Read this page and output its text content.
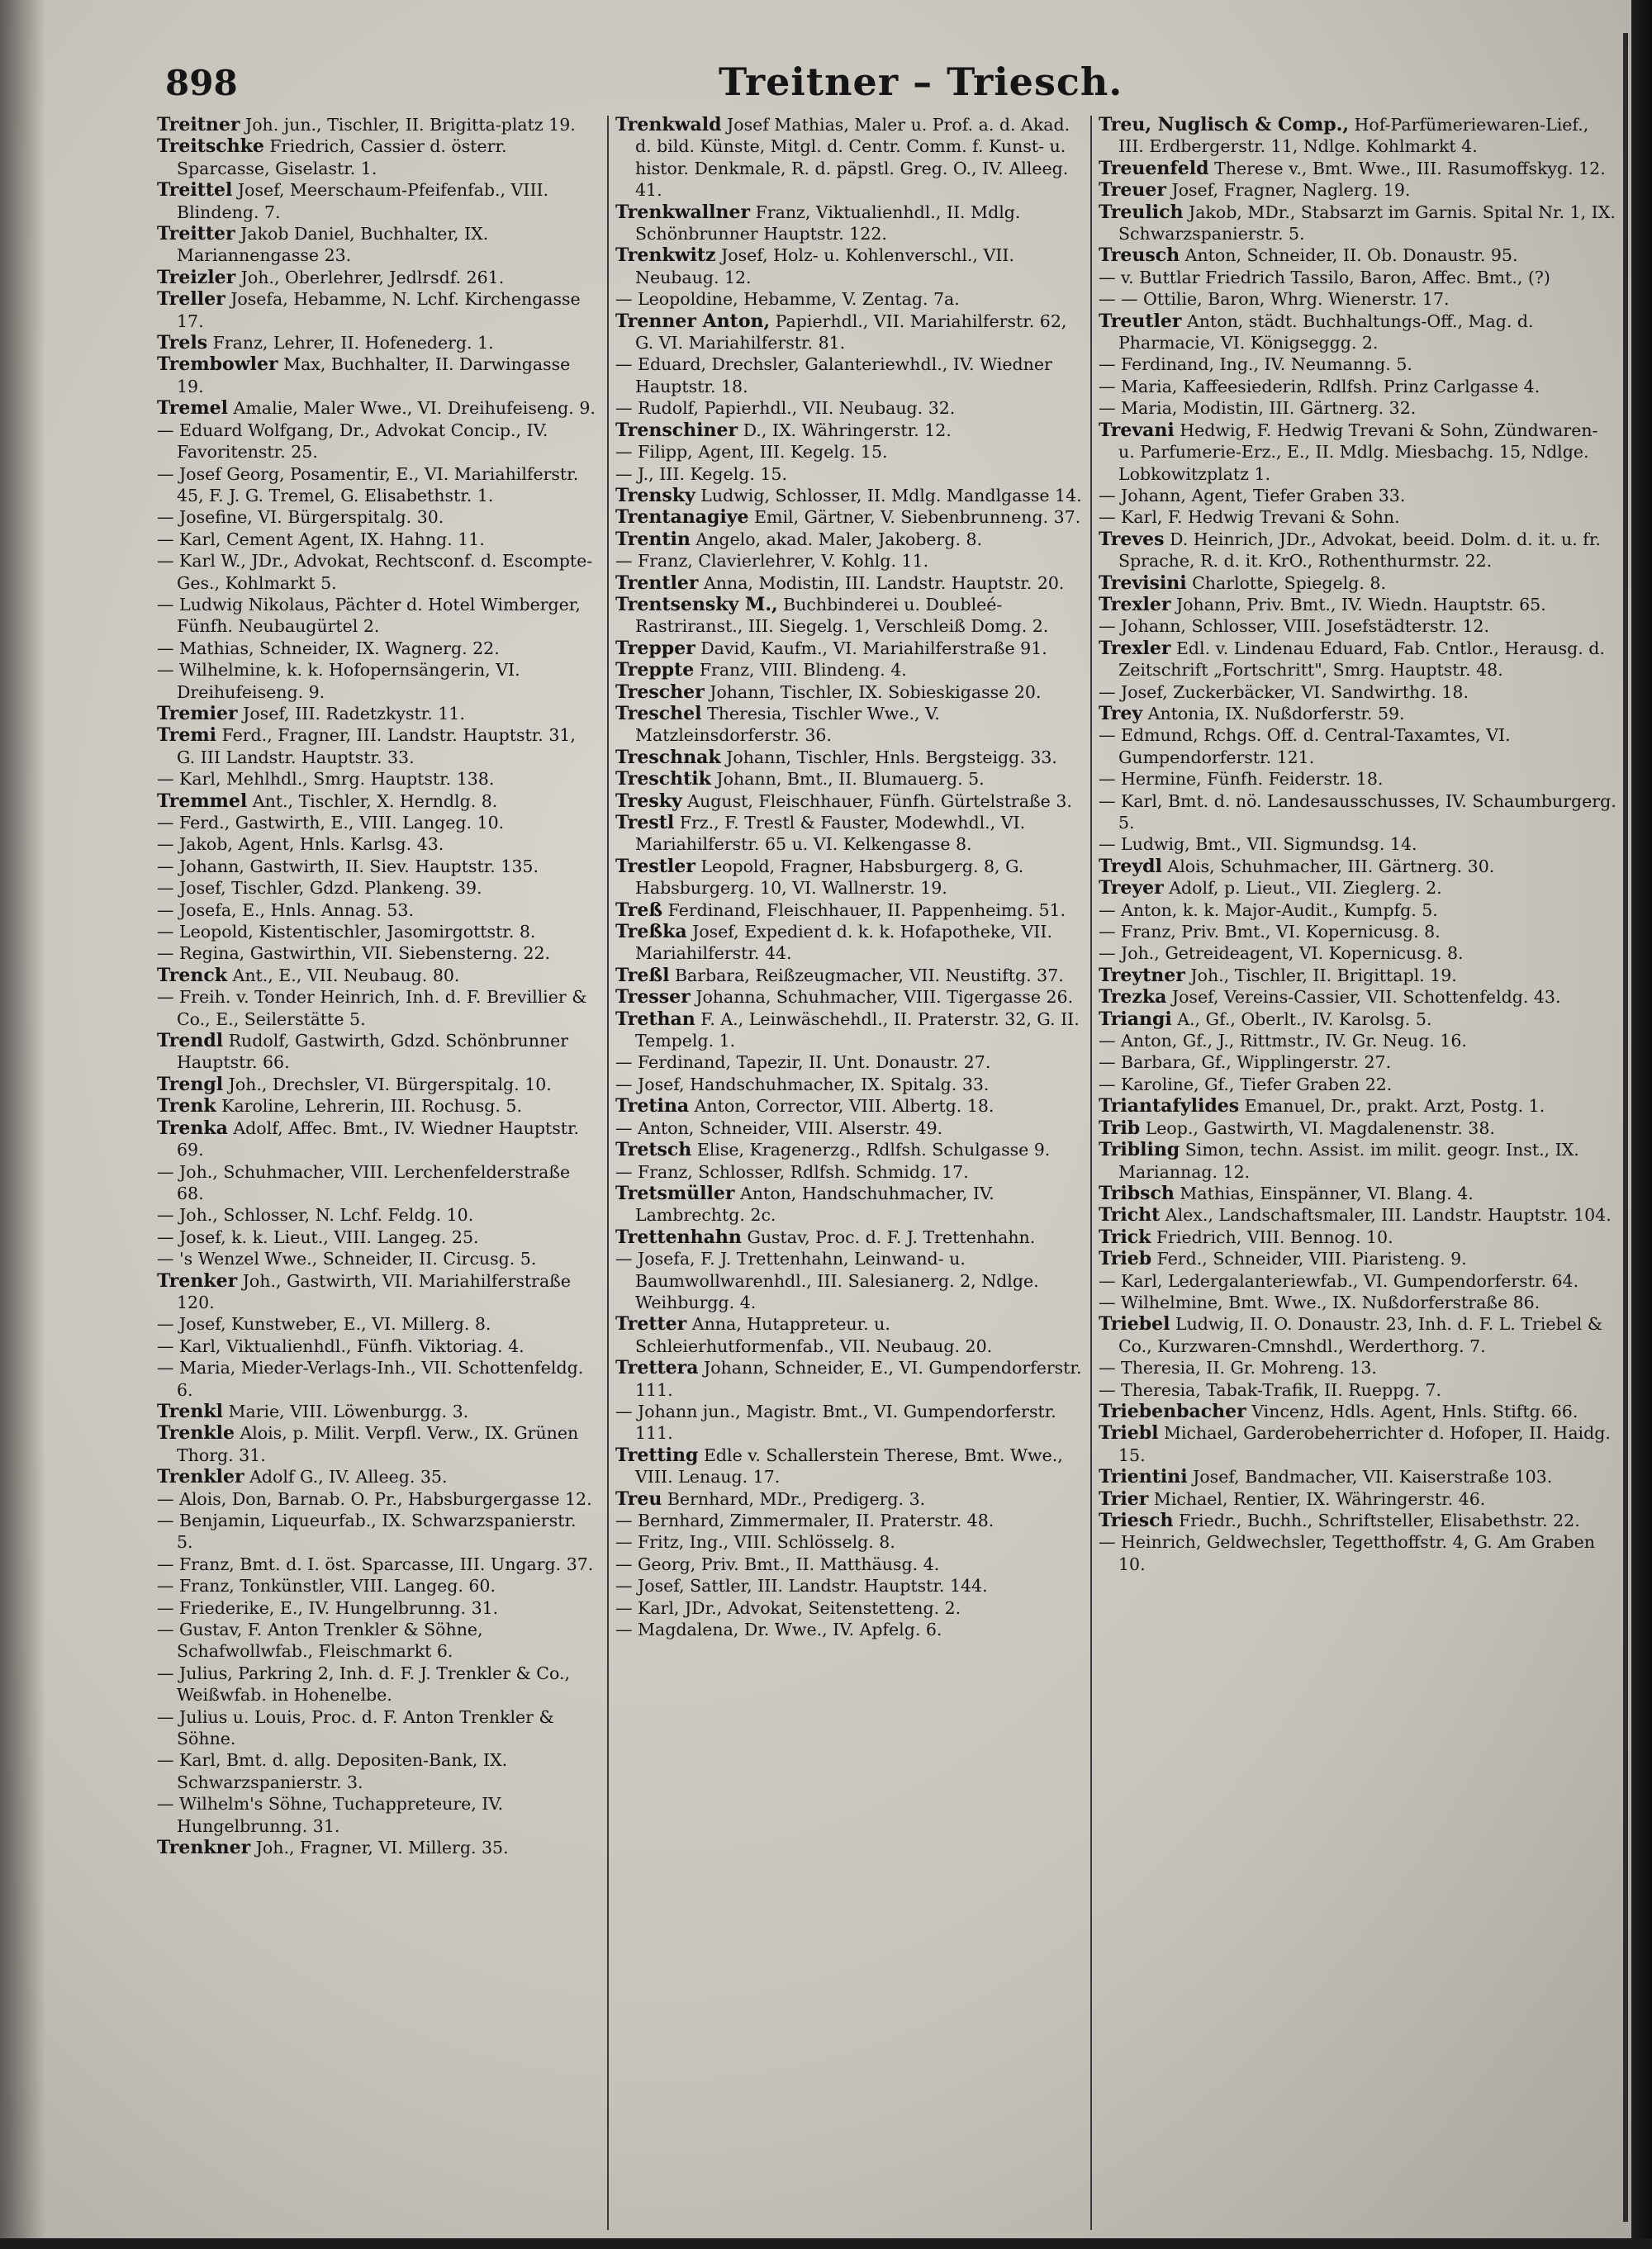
898	Treitner – Triesch.

Treitner Joh. jun., Tischler, II. Brigitta-platz 19.

Treitschke Friedrich, Cassier d. österr. Sparcasse, Giselastr. 1.

Treittel Josef, Meerschaum-Pfeifenfab., VIII. Blindeng. 7.

Treitter Jakob Daniel, Buchhalter, IX. Mariannengasse 23.

Treizler Joh., Oberlehrer, Jedlrsdf. 261.

Treller Josefa, Hebamme, N. Lchf. Kirchengasse 17.

Trels Franz, Lehrer, II. Hofenederg. 1.

Trembowler Max, Buchhalter, II. Darwingasse 19.

Tremel Amalie, Maler Wwe., VI. Dreihufeiseng. 9.

— Eduard Wolfgang, Dr., Advokat Concip., IV. Favoritenstr. 25.

— Josef Georg, Posamentir, E., VI. Mariahilferstr. 45, F. J. G. Tremel, G. Elisabethstr. 1.

— Josefine, VI. Bürgerspitalg. 30.

— Karl, Cement Agent, IX. Hahng. 11.

— Karl W., JDr., Advokat, Rechtsconf. d. Escompte-Ges., Kohlmarkt 5.

— Ludwig Nikolaus, Pächter d. Hotel Wimberger, Fünfh. Neubaugürtel 2.

— Mathias, Schneider, IX. Wagnerg. 22.

— Wilhelmine, k. k. Hofopernsängerin, VI. Dreihufeiseng. 9.

Tremier Josef, III. Radetzkystr. 11.

Tremi Ferd., Fragner, III. Landstr. Hauptstr. 31, G. III Landstr. Hauptstr. 33.

— Karl, Mehlhdl., Smrg. Hauptstr. 138.

Tremmel Ant., Tischler, X. Herndlg. 8.

— Ferd., Gastwirth, E., VIII. Langeg. 10.

— Jakob, Agent, Hnls. Karlsg. 43.

— Johann, Gastwirth, II. Siev. Hauptstr. 135.

— Josef, Tischler, Gdzd. Plankeng. 39.

— Josefa, E., Hnls. Annag. 53.

— Leopold, Kistentischler, Jasomirgottstr. 8.

— Regina, Gastwirthin, VII. Siebensterng. 22.

Trenck Ant., E., VII. Neubaug. 80.

— Freih. v. Tonder Heinrich, Inh. d. F. Brevillier & Co., E., Seilerstätte 5.

Trendl Rudolf, Gastwirth, Gdzd. Schönbrunner Hauptstr. 66.

Trengl Joh., Drechsler, VI. Bürgerspitalg. 10.

Trenk Karoline, Lehrerin, III. Rochusg. 5.

Trenka Adolf, Affec. Bmt., IV. Wiedner Hauptstr. 69.

— Joh., Schuhmacher, VIII. Lerchenfelderstraße 68.

— Joh., Schlosser, N. Lchf. Feldg. 10.

— Josef, k. k. Lieut., VIII. Langeg. 25.

— 's Wenzel Wwe., Schneider, II. Circusg. 5.

Trenker Joh., Gastwirth, VII. Mariahilferstraße 120.

— Josef, Kunstweber, E., VI. Millerg. 8.

— Karl, Viktualienhdl., Fünfh. Viktoriag. 4.

— Maria, Mieder-Verlags-Inh., VII. Schottenfeldg. 6.

Trenkl Marie, VIII. Löwenburgg. 3.

Trenkle Alois, p. Milit. Verpfl. Verw., IX. Grünen Thorg. 31.

Trenkler Adolf G., IV. Alleeg. 35.

— Alois, Don, Barnab. O. Pr., Habsburgergasse 12.

— Benjamin, Liqueurfab., IX. Schwarzspanierstr. 5.

— Franz, Bmt. d. I. öst. Sparcasse, III. Ungarg. 37.

— Franz, Tonkünstler, VIII. Langeg. 60.

— Friederike, E., IV. Hungelbrunng. 31.

— Gustav, F. Anton Trenkler & Söhne, Schafwollwfab., Fleischmarkt 6.

— Julius, Parkring 2, Inh. d. F. J. Trenkler & Co., Weißwfab. in Hohenelbe.

— Julius u. Louis, Proc. d. F. Anton Trenkler & Söhne.

— Karl, Bmt. d. allg. Depositen-Bank, IX. Schwarzspanierstr. 3.

— Wilhelm's Söhne, Tuchappreteure, IV. Hungelbrunng. 31.

Trenkner Joh., Fragner, VI. Millerg. 35.

Trenkwald Josef Mathias, Maler u. Prof. a. d. Akad. d. bild. Künste, Mitgl. d. Centr. Comm. f. Kunst- u. histor. Denkmale, R. d. päpstl. Greg. O., IV. Alleeg. 41.

Trenkwallner Franz, Viktualienhdl., II. Mdlg. Schönbrunner Hauptstr. 122.

Trenkwitz Josef, Holz- u. Kohlenverschl., VII. Neubaug. 12.

— Leopoldine, Hebamme, V. Zentag. 7a.

Trenner Anton, Papierhdl., VII. Mariahilferstr. 62, G. VI. Mariahilferstr. 81.

— Eduard, Drechsler, Galanteriewhdl., IV. Wiedner Hauptstr. 18.

— Rudolf, Papierhdl., VII. Neubaug. 32.

Trenschiner D., IX. Währingerstr. 12.

— Filipp, Agent, III. Kegelg. 15.

— J., III. Kegelg. 15.

Trensky Ludwig, Schlosser, II. Mdlg. Mandlgasse 14.

Trentanagiye Emil, Gärtner, V. Siebenbrunneng. 37.

Trentin Angelo, akad. Maler, Jakoberg. 8.

— Franz, Clavierlehrer, V. Kohlg. 11.

Trentler Anna, Modistin, III. Landstr. Hauptstr. 20.

Trentsensky M., Buchbinderei u. Doubleé-Rastriranst., III. Siegelg. 1, Verschleiß Domg. 2.

Trepper David, Kaufm., VI. Mariahilferstraße 91.

Treppte Franz, VIII. Blindeng. 4.

Trescher Johann, Tischler, IX. Sobieskigasse 20.

Treschel Theresia, Tischler Wwe., V. Matzleinsdorferstr. 36.

Treschnak Johann, Tischler, Hnls. Bergsteigg. 33.

Treschtik Johann, Bmt., II. Blumauerg. 5.

Tresky August, Fleischhauer, Fünfh. Gürtelstraße 3.

Trestl Frz., F. Trestl & Fauster, Modewhdl., VI. Mariahilferstr. 65 u. VI. Kelkengasse 8.

Trestler Leopold, Fragner, Habsburgerg. 8, G. Habsburgerg. 10, VI. Wallnerstr. 19.

Treß Ferdinand, Fleischhauer, II. Pappenheimg. 51.

Treßka Josef, Expedient d. k. k. Hofapotheke, VII. Mariahilferstr. 44.

Treßl Barbara, Reißzeugmacher, VII. Neustiftg. 37.

Tresser Johanna, Schuhmacher, VIII. Tigergasse 26.

Trethan F. A., Leinwäschehdl., II. Praterstr. 32, G. II. Tempelg. 1.

— Ferdinand, Tapezir, II. Unt. Donaustr. 27.

— Josef, Handschuhmacher, IX. Spitalg. 33.

Tretina Anton, Corrector, VIII. Albertg. 18.

— Anton, Schneider, VIII. Alserstr. 49.

Tretsch Elise, Kragenerzg., Rdlfsh. Schulgasse 9.

— Franz, Schlosser, Rdlfsh. Schmidg. 17.

Tretsmüller Anton, Handschuhmacher, IV. Lambrechtg. 2c.

Trettenhahn Gustav, Proc. d. F. J. Trettenhahn.

— Josefa, F. J. Trettenhahn, Leinwand- u. Baumwollwarenhdl., III. Salesianerg. 2, Ndlge. Weihburgg. 4.

Tretter Anna, Hutappreteur. u. Schleierhutformenfab., VII. Neubaug. 20.

Trettera Johann, Schneider, E., VI. Gumpendorferstr. 111.

— Johann jun., Magistr. Bmt., VI. Gumpendorferstr. 111.

Tretting Edle v. Schallerstein Therese, Bmt. Wwe., VIII. Lenaug. 17.

Treu Bernhard, MDr., Predigerg. 3.

— Bernhard, Zimmermaler, II. Praterstr. 48.

— Fritz, Ing., VIII. Schlösselg. 8.

— Georg, Priv. Bmt., II. Matthäusg. 4.

— Josef, Sattler, III. Landstr. Hauptstr. 144.

— Karl, JDr., Advokat, Seitenstetteng. 2.

— Magdalena, Dr. Wwe., IV. Apfelg. 6.

Treu, Nuglisch & Comp., Hof-Parfümeriewaren-Lief., III. Erdbergerstr. 11, Ndlge. Kohlmarkt 4.

Treuenfeld Therese v., Bmt. Wwe., III. Rasumoffskyg. 12.

Treuer Josef, Fragner, Naglerg. 19.

Treulich Jakob, MDr., Stabsarzt im Garnis. Spital Nr. 1, IX. Schwarzspanierstr. 5.

Treusch Anton, Schneider, II. Ob. Donaustr. 95.

— v. Buttlar Friedrich Tassilo, Baron, Affec. Bmt., (?)

— — Ottilie, Baron, Whrg. Wienerstr. 17.

Treutler Anton, städt. Buchhaltungs-Off., Mag. d. Pharmacie, VI. Königseggg. 2.

— Ferdinand, Ing., IV. Neumanng. 5.

— Maria, Kaffeesiederin, Rdlfsh. Prinz Carlgasse 4.

— Maria, Modistin, III. Gärtnerg. 32.

Trevani Hedwig, F. Hedwig Trevani & Sohn, Zündwaren- u. Parfumerie-Erz., E., II. Mdlg. Miesbachg. 15, Ndlge. Lobkowitzplatz 1.

— Johann, Agent, Tiefer Graben 33.

— Karl, F. Hedwig Trevani & Sohn.

Treves D. Heinrich, JDr., Advokat, beeid. Dolm. d. it. u. fr. Sprache, R. d. it. KrO., Rothenthurmstr. 22.

Trevisini Charlotte, Spiegelg. 8.

Trexler Johann, Priv. Bmt., IV. Wiedn. Hauptstr. 65.

— Johann, Schlosser, VIII. Josefstädterstr. 12.

Trexler Edl. v. Lindenau Eduard, Fab. Cntlor., Herausg. d. Zeitschrift „Fortschritt", Smrg. Hauptstr. 48.

— Josef, Zuckerbäcker, VI. Sandwirthg. 18.

Trey Antonia, IX. Nußdorferstr. 59.

— Edmund, Rchgs. Off. d. Central-Taxamtes, VI. Gumpendorferstr. 121.

— Hermine, Fünfh. Feiderstr. 18.

— Karl, Bmt. d. nö. Landesausschusses, IV. Schaumburgerg. 5.

— Ludwig, Bmt., VII. Sigmundsg. 14.

Treydl Alois, Schuhmacher, III. Gärtnerg. 30.

Treyer Adolf, p. Lieut., VII. Zieglerg. 2.

— Anton, k. k. Major-Audit., Kumpfg. 5.

— Franz, Priv. Bmt., VI. Kopernicusg. 8.

— Joh., Getreideagent, VI. Kopernicusg. 8.

Treytner Joh., Tischler, II. Brigittapl. 19.

Trezka Josef, Vereins-Cassier, VII. Schottenfeldg. 43.

Triangi A., Gf., Oberlt., IV. Karolsg. 5.

— Anton, Gf., J., Rittmstr., IV. Gr. Neug. 16.

— Barbara, Gf., Wipplingerstr. 27.

— Karoline, Gf., Tiefer Graben 22.

Triantafylides Emanuel, Dr., prakt. Arzt, Postg. 1.

Trib Leop., Gastwirth, VI. Magdalenenstr. 38.

Tribling Simon, techn. Assist. im milit. geogr. Inst., IX. Mariannag. 12.

Tribsch Mathias, Einspänner, VI. Blang. 4.

Tricht Alex., Landschaftsmaler, III. Landstr. Hauptstr. 104.

Trick Friedrich, VIII. Bennog. 10.

Trieb Ferd., Schneider, VIII. Piaristeng. 9.

— Karl, Ledergalanteriewfab., VI. Gumpendorferstr. 64.

— Wilhelmine, Bmt. Wwe., IX. Nußdorferstraße 86.

Triebel Ludwig, II. O. Donaustr. 23, Inh. d. F. L. Triebel & Co., Kurzwaren-Cmnshdl., Werderthorg. 7.

— Theresia, II. Gr. Mohreng. 13.

— Theresia, Tabak-Trafik, II. Rueppg. 7.

Triebenbacher Vincenz, Hdls. Agent, Hnls. Stiftg. 66.

Triebl Michael, Garderobeherrichter d. Hofoper, II. Haidg. 15.

Trientini Josef, Bandmacher, VII. Kaiserstraße 103.

Trier Michael, Rentier, IX. Währingerstr. 46.

Triesch Friedr., Buchh., Schriftsteller, Elisabethstr. 22.

— Heinrich, Geldwechsler, Tegetthoffstr. 4, G. Am Graben 10.
